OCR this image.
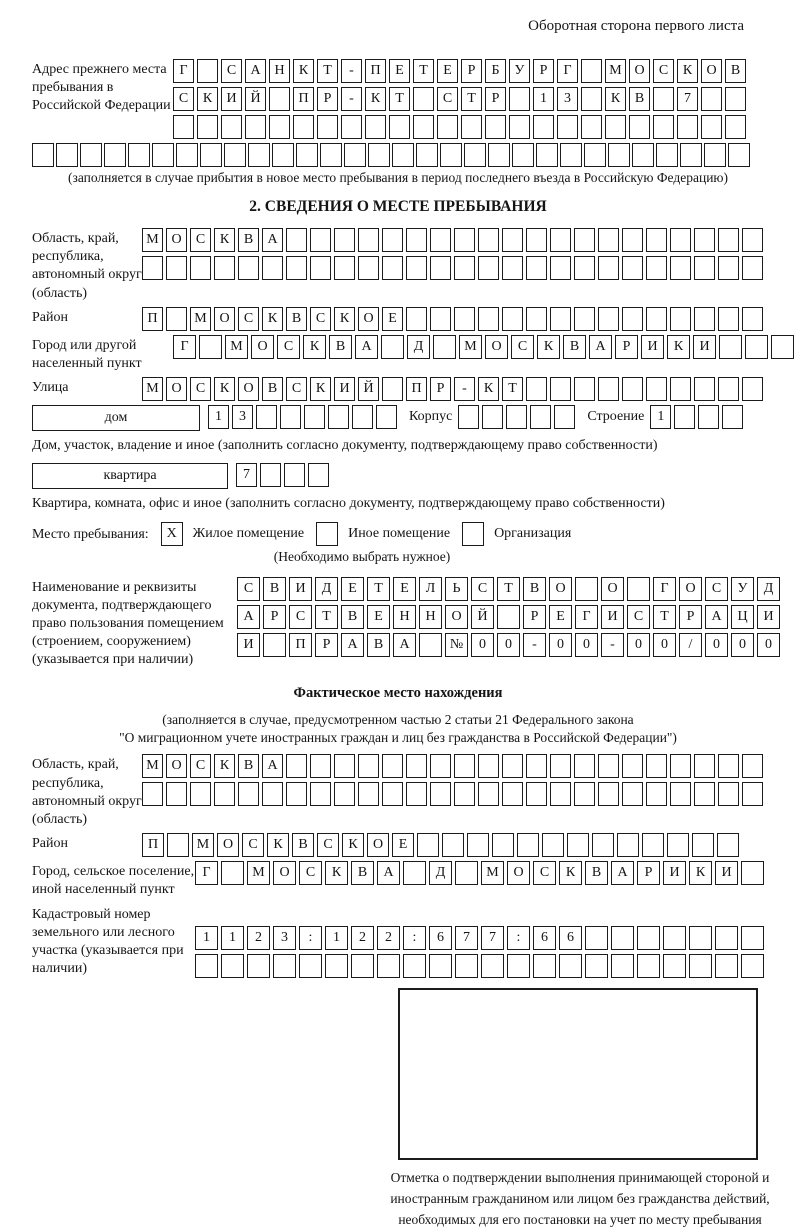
Оборотная сторона первого листа
Адрес прежнего места пребывания в Российской Федерации
Г	С	А Н	К	Т	-	П	Е	Т	Е	Р	Б	У	Р	Г	М О	С	К	О	В
С	К	И Й	П	Р	-	К	Т	С	Т	Р	1	3	К	В	7
(заполняется в случае прибытия в новое место пребывания в период последнего въезда в Российскую Федерацию)
2. СВЕДЕНИЯ О МЕСТЕ ПРЕБЫВАНИЯ
Область, край, республика, автономный округ (область)
М О	С	К	В	А
Район	П	М О	С	К	В	С	К	О	Е
Город или другой населенный пункт
Г	М	О	С	К	В	А	Д	М	О	С	К	В	А	Р	И	К	И
Улица	М О	С	К	О	В	С	К	И Й	П	Р	-	К	Т
дом	1	3	Корпус	Строение 1
Дом, участок, владение и иное (заполнить согласно документу, подтверждающему право собственности)
квартира	7
Квартира, комната, офис и иное (заполнить согласно документу, подтверждающему право собственности)
Место пребывания:	X	Жилое помещение	Иное помещение	Организация
(Необходимо выбрать нужное)
Наименование и реквизиты документа, подтверждающего право пользования помещением (строением, сооружением) (указывается при наличии)
С	В	И	Д	Е	Т	Е	Л	Ь	С	Т	В	О	О	Г	О	С	У	Д
А	Р	С	Т	В	Е	Н	Н	О	Й	Р	Е	Г	И	С	Т	Р	А	Ц	И
И	П	Р	А	В	А	№	0	0	-	0	0	-	0	0	/	0	0	0
Фактическое место нахождения
(заполняется в случае, предусмотренном частью 2 статьи 21 Федерального закона
"О миграционном учете иностранных граждан и лиц без гражданства в Российской Федерации")
Область, край, республика, автономный округ (область)
М О	С	К	В	А
Район	П	М О	С	К	В	С	К	О	Е
Город, сельское поселение, иной населенный пункт
Г	М	О	С	К	В	А	Д	М	О	С	К	В	А	Р	И	К	И
Кадастровый номер земельного или лесного участка (указывается при наличии)
1	1	2	3	:	1	2	2	:	6	7	7	:	6	6
Отметка о подтверждении выполнения принимающей стороной и иностранным гражданином или лицом без гражданства действий, необходимых для его постановки на учет по месту пребывания
